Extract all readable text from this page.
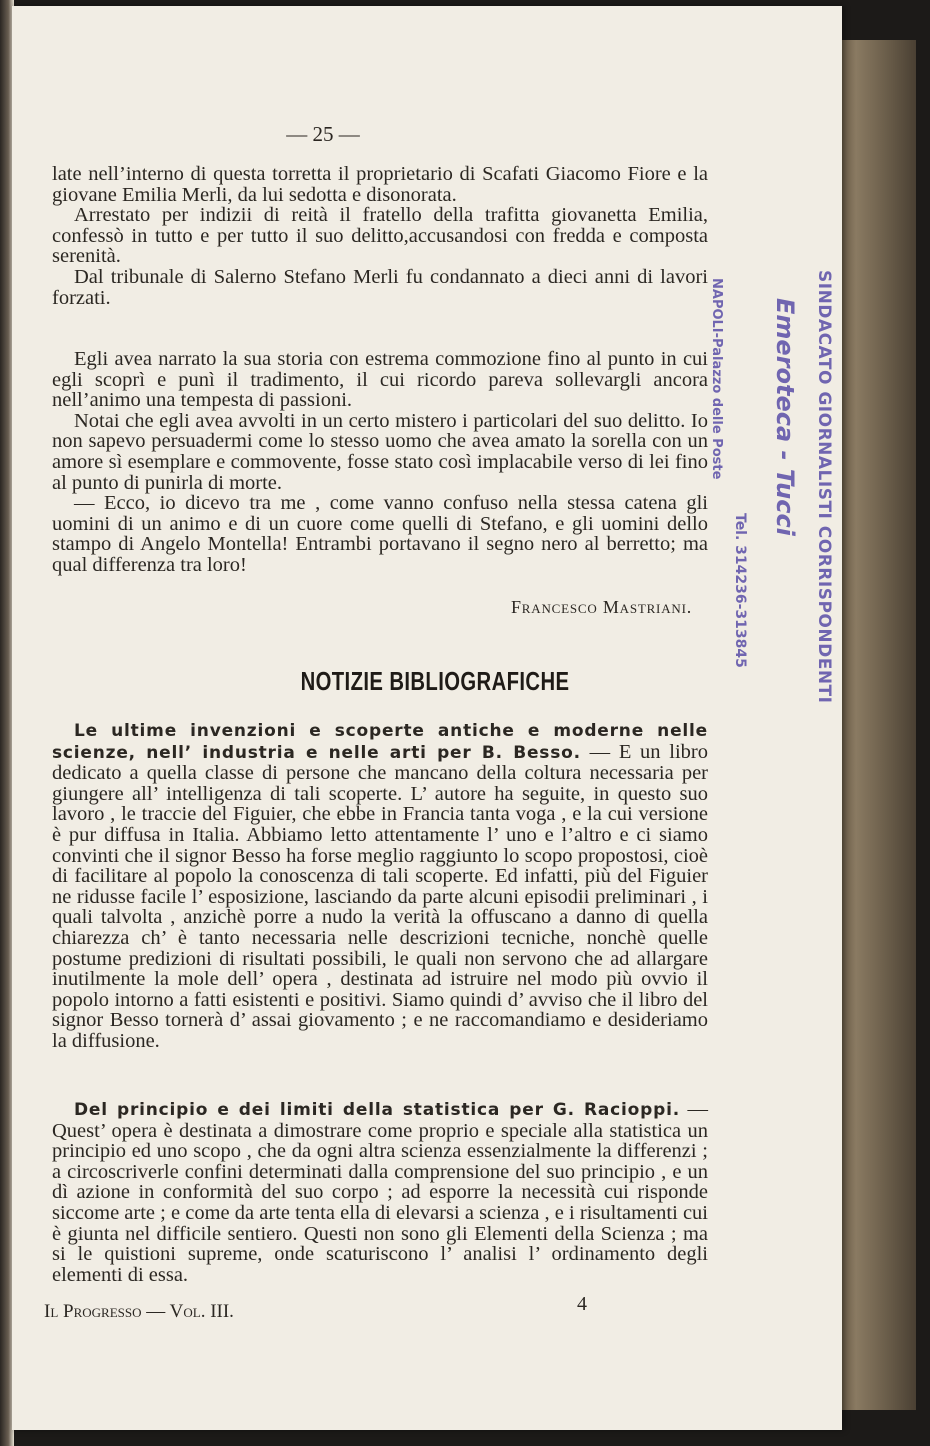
— 25 —

late nell’interno di questa torretta il proprietario di Scafati Giacomo Fiore e la giovane Emilia Merli, da lui sedotta e disonorata.

Arrestato per indizii di reità il fratello della trafitta giovanetta Emilia, confessò in tutto e per tutto il suo delitto,accusandosi con fredda e composta serenità.

Dal tribunale di Salerno Stefano Merli fu condannato a dieci anni di lavori forzati.

Egli avea narrato la sua storia con estrema commozione fino al punto in cui egli scoprì e punì il tradimento, il cui ricordo pareva sollevargli ancora nell’animo una tempesta di passioni.

Notai che egli avea avvolti in un certo mistero i particolari del suo delitto. Io non sapevo persuadermi come lo stesso uomo che avea amato la sorella con un amore sì esemplare e commovente, fosse stato così implacabile verso di lei fino al punto di punirla di morte.

— Ecco, io dicevo tra me , come vanno confuso nella stessa catena gli uomini di un animo e di un cuore come quelli di Stefano, e gli uomini dello stampo di Angelo Montella! Entrambi portavano il segno nero al berretto; ma qual differenza tra loro!

Francesco Mastriani.
NOTIZIE BIBLIOGRAFICHE

Le ultime invenzioni e scoperte antiche e moderne nelle scienze, nell’ industria e nelle arti per B. Besso. — E un libro dedicato a quella classe di persone che mancano della coltura necessaria per giungere all’ intelligenza di tali scoperte. L’ autore ha seguite, in questo suo lavoro , le traccie del Figuier, che ebbe in Francia tanta voga , e la cui versione è pur diffusa in Italia. Abbiamo letto attentamente l’ uno e l’altro e ci siamo convinti che il signor Besso ha forse meglio raggiunto lo scopo propostosi, cioè di facilitare al popolo la conoscenza di tali scoperte. Ed infatti, più del Figuier ne ridusse facile l’ esposizione, lasciando da parte alcuni episodii preliminari , i quali talvolta , anzichè porre a nudo la verità la offuscano a danno di quella chiarezza ch’ è tanto necessaria nelle descrizioni tecniche, nonchè quelle postume predizioni di risultati possibili, le quali non servono che ad allargare inutilmente la mole dell’ opera , destinata ad istruire nel modo più ovvio il popolo intorno a fatti esistenti e positivi. Siamo quindi d’ avviso che il libro del signor Besso tornerà d’ assai giovamento ; e ne raccomandiamo e desideriamo la diffusione.

Del principio e dei limiti della statistica per G. Racioppi. — Quest’ opera è destinata a dimostrare come proprio e speciale alla statistica un principio ed uno scopo , che da ogni altra scienza essenzialmente la differenzi ; a circoscriverle confini determinati dalla comprensione del suo principio , e un dì azione in conformità del suo corpo ; ad esporre la necessità cui risponde siccome arte ; e come da arte tenta ella di elevarsi a scienza , e i risultamenti cui è giunta nel difficile sentiero. Questi non sono gli Elementi della Scienza ; ma si le quistioni supreme, onde scaturiscono l’ analisi l’ ordinamento degli elementi di essa.

Il Progresso — Vol. III.	4
SINDACATO GIORNALISTI CORRISPONDENTI
Emeroteca - Tucci
NAPOLI-Palazzo delle Poste
Tel. 314236-313845
